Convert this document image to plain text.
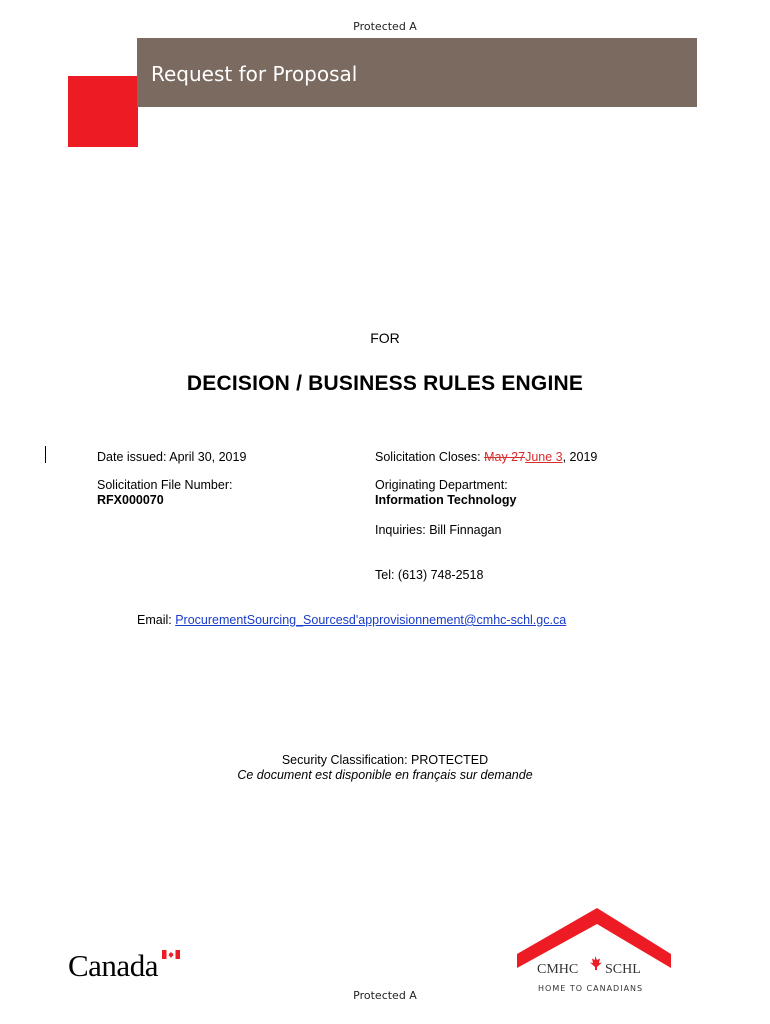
Protected A
Request for Proposal
FOR
DECISION / BUSINESS RULES ENGINE
Date issued: April 30, 2019
Solicitation File Number:
RFX000070
Solicitation Closes: May 27June 3, 2019
Originating Department:
Information Technology
Inquiries: Bill Finnagan
Tel: (613) 748-2518
Email: ProcurementSourcing_Sourcesd'approvisionnement@cmhc-schl.gc.ca
Security Classification: PROTECTED
Ce document est disponible en français sur demande
Canada	CMHC SCHL
HOME TO CANADIANS
Protected A
